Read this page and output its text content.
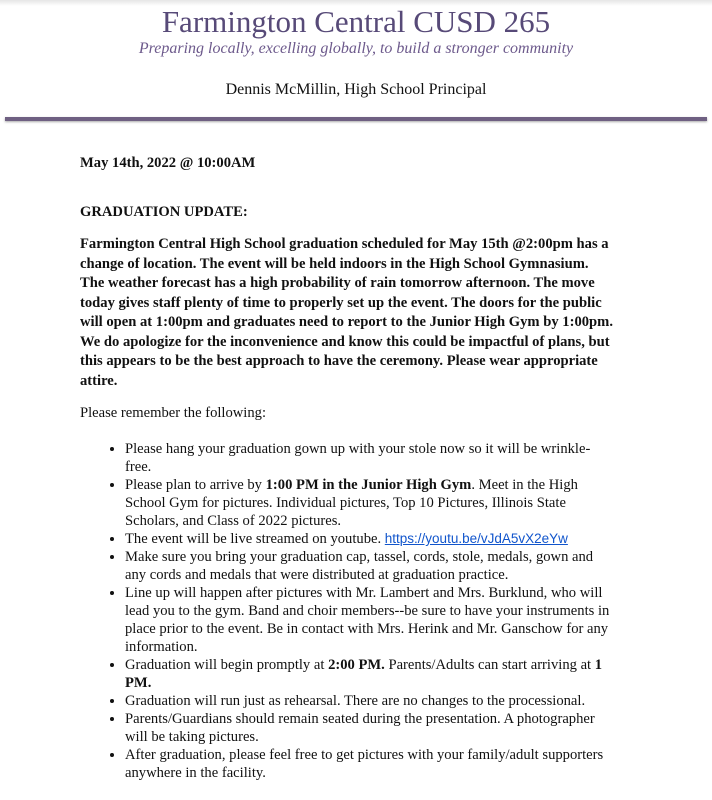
Farmington Central CUSD 265
Preparing locally, excelling globally, to build a stronger community
Dennis McMillin, High School Principal

May 14th, 2022 @ 10:00AM

GRADUATION UPDATE:

Farmington Central High School graduation scheduled for May 15th @2:00pm has a change of location. The event will be held indoors in the High School Gymnasium. The weather forecast has a high probability of rain tomorrow afternoon. The move today gives staff plenty of time to properly set up the event. The doors for the public will open at 1:00pm and graduates need to report to the Junior High Gym by 1:00pm. We do apologize for the inconvenience and know this could be impactful of plans, but this appears to be the best approach to have the ceremony. Please wear appropriate attire.

Please remember the following:

• Please hang your graduation gown up with your stole now so it will be wrinkle-free.
• Please plan to arrive by 1:00 PM in the Junior High Gym. Meet in the High School Gym for pictures. Individual pictures, Top 10 Pictures, Illinois State Scholars, and Class of 2022 pictures.
• The event will be live streamed on youtube. https://youtu.be/vJdA5vX2eYw
• Make sure you bring your graduation cap, tassel, cords, stole, medals, gown and any cords and medals that were distributed at graduation practice.
• Line up will happen after pictures with Mr. Lambert and Mrs. Burklund, who will lead you to the gym. Band and choir members--be sure to have your instruments in place prior to the event. Be in contact with Mrs. Herink and Mr. Ganschow for any information.
• Graduation will begin promptly at 2:00 PM. Parents/Adults can start arriving at 1 PM.
• Graduation will run just as rehearsal. There are no changes to the processional.
• Parents/Guardians should remain seated during the presentation. A photographer will be taking pictures.
• After graduation, please feel free to get pictures with your family/adult supporters anywhere in the facility.
